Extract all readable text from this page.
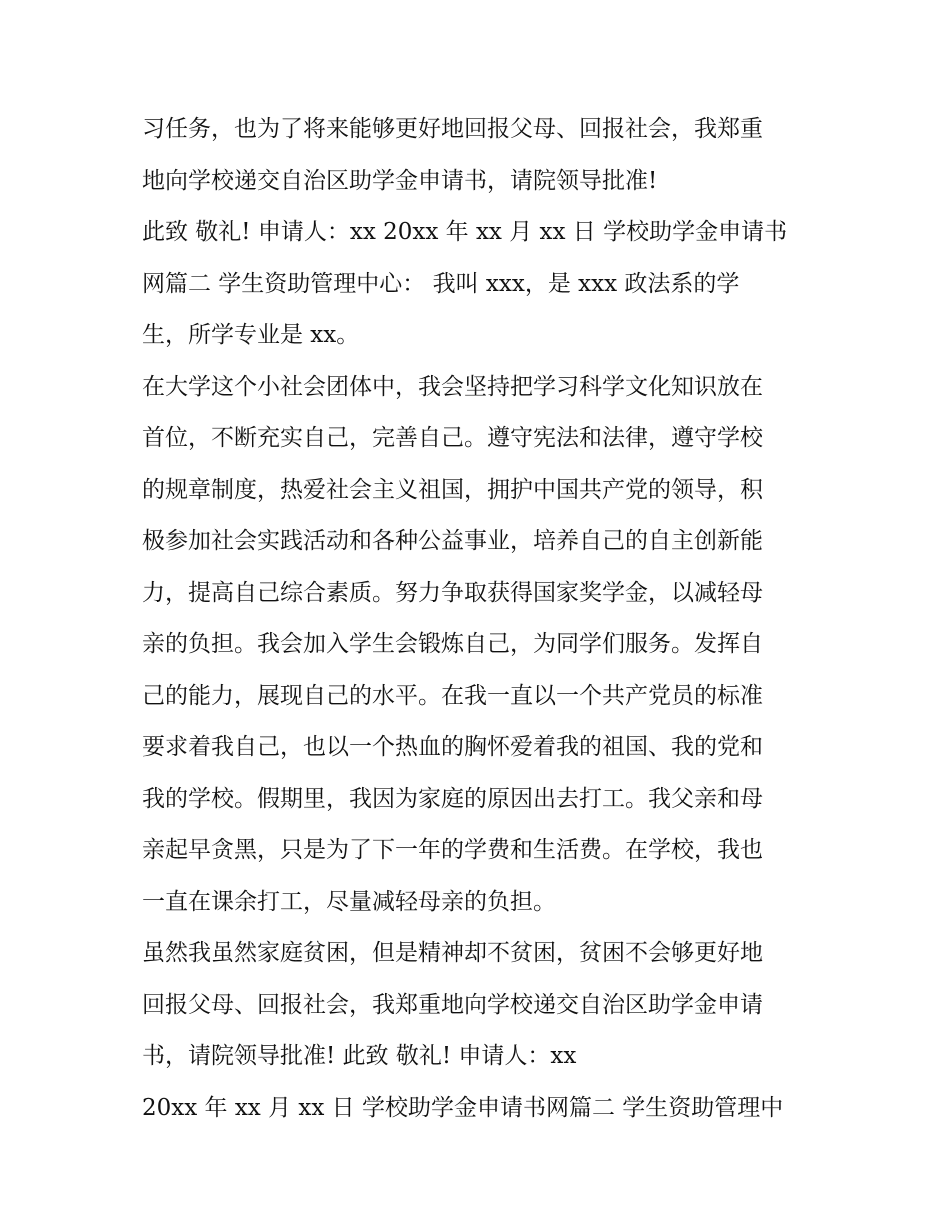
习任务，也为了将来能够更好地回报父母、回报社会，我郑重
地向学校递交自治区助学金申请书，请院领导批准!
此致 敬礼! 申请人：xx 20xx 年 xx 月 xx 日 学校助学金申请书
网篇二 学生资助管理中心： 我叫 xxx，是 xxx 政法系的学
生，所学专业是 xx。
在大学这个小社会团体中，我会坚持把学习科学文化知识放在
首位，不断充实自己，完善自己。遵守宪法和法律，遵守学校
的规章制度，热爱社会主义祖国，拥护中国共产党的领导，积
极参加社会实践活动和各种公益事业，培养自己的自主创新能
力，提高自己综合素质。努力争取获得国家奖学金，以减轻母
亲的负担。我会加入学生会锻炼自己，为同学们服务。发挥自
己的能力，展现自己的水平。在我一直以一个共产党员的标准
要求着我自己，也以一个热血的胸怀爱着我的祖国、我的党和
我的学校。假期里，我因为家庭的原因出去打工。我父亲和母
亲起早贪黑，只是为了下一年的学费和生活费。在学校，我也
一直在课余打工，尽量减轻母亲的负担。
虽然我虽然家庭贫困，但是精神却不贫困，贫困不会够更好地
回报父母、回报社会，我郑重地向学校递交自治区助学金申请
书，请院领导批准! 此致 敬礼! 申请人：xx
20xx 年 xx 月 xx 日 学校助学金申请书网篇二 学生资助管理中
